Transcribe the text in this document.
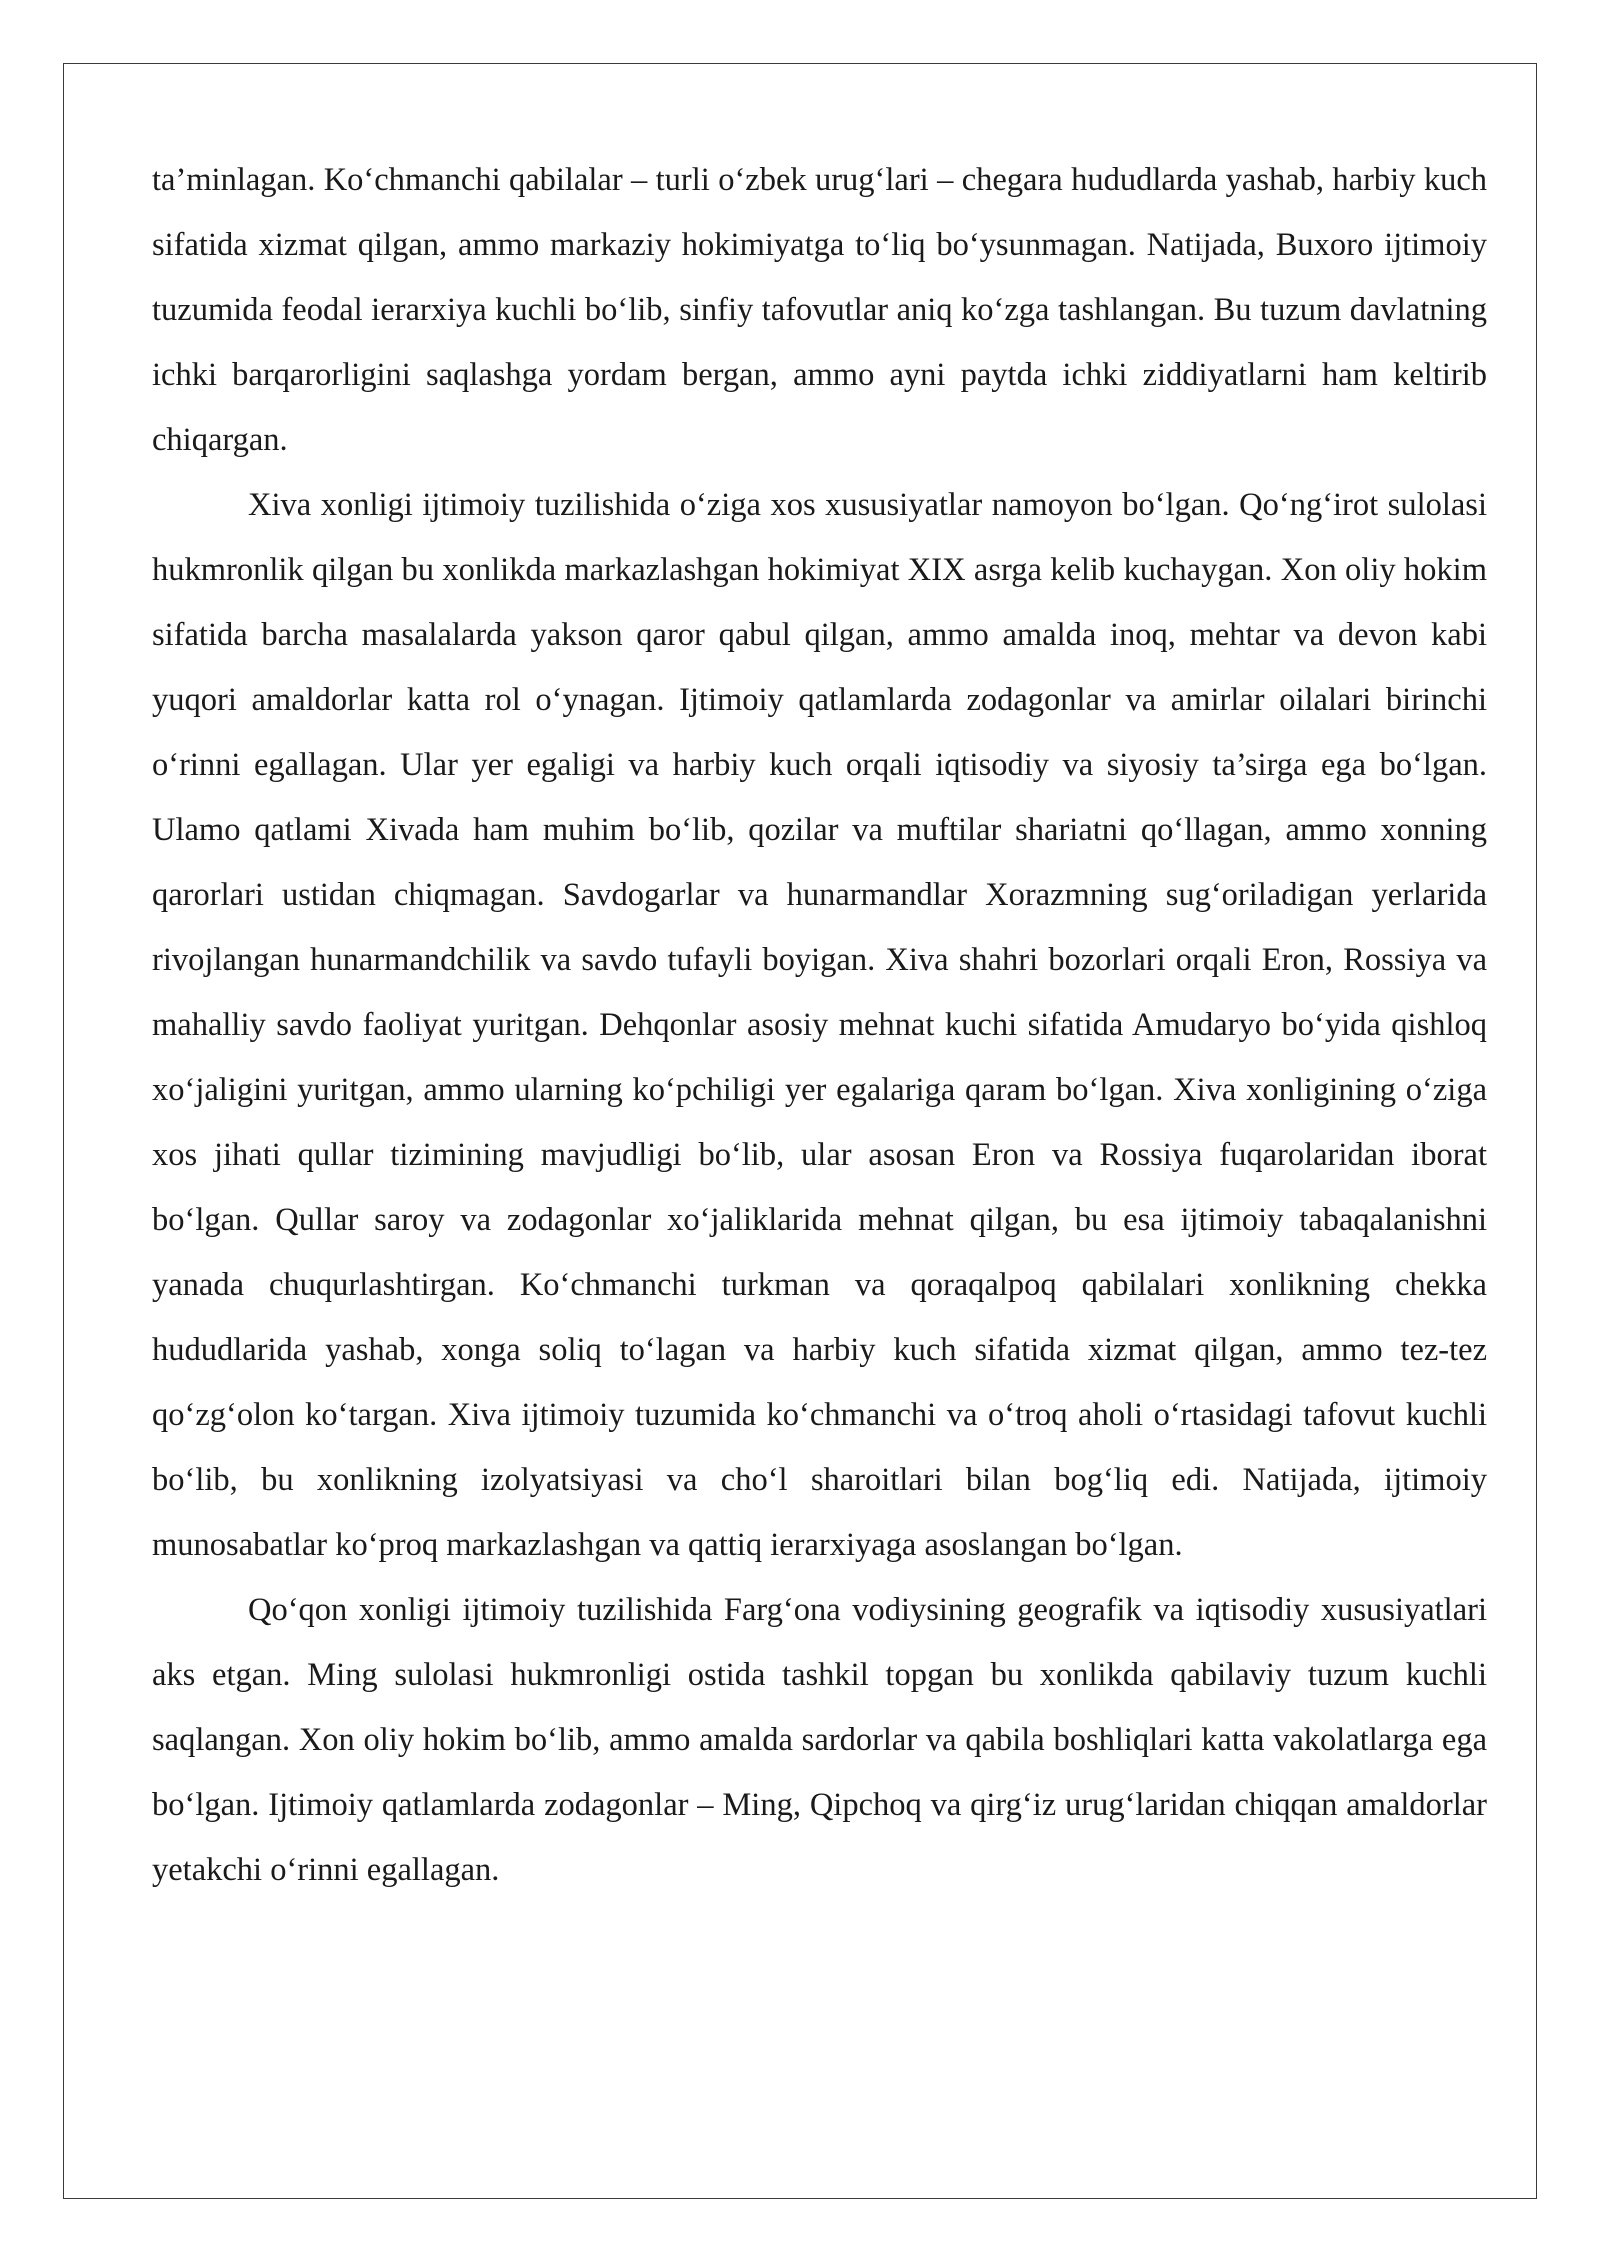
ta’minlagan. Ko‘chmanchi qabilalar – turli o‘zbek urug‘lari – chegara hududlarda yashab, harbiy kuch sifatida xizmat qilgan, ammo markaziy hokimiyatga to‘liq bo‘ysunmagan. Natijada, Buxoro ijtimoiy tuzumida feodal ierarxiya kuchli bo‘lib, sinfiy tafovutlar aniq ko‘zga tashlangan. Bu tuzum davlatning ichki barqarorligini saqlashga yordam bergan, ammo ayni paytda ichki ziddiyatlarni ham keltirib chiqargan.

Xiva xonligi ijtimoiy tuzilishida o‘ziga xos xususiyatlar namoyon bo‘lgan. Qo‘ng‘irot sulolasi hukmronlik qilgan bu xonlikda markazlashgan hokimiyat XIX asrga kelib kuchaygan. Xon oliy hokim sifatida barcha masalalarda yakson qaror qabul qilgan, ammo amalda inoq, mehtar va devon kabi yuqori amaldorlar katta rol o‘ynagan. Ijtimoiy qatlamlarda zodagonlar va amirlar oilalari birinchi o‘rinni egallagan. Ular yer egaligi va harbiy kuch orqali iqtisodiy va siyosiy ta’sirga ega bo‘lgan. Ulamo qatlami Xivada ham muhim bo‘lib, qozilar va muftilar shariatni qo‘llagan, ammo xonning qarorlari ustidan chiqmagan. Savdogarlar va hunarmandlar Xorazmning sug‘oriladigan yerlarida rivojlangan hunarmandchilik va savdo tufayli boyigan. Xiva shahri bozorlari orqali Eron, Rossiya va mahalliy savdo faoliyat yuritgan. Dehqonlar asosiy mehnat kuchi sifatida Amudaryo bo‘yida qishloq xo‘jaligini yuritgan, ammo ularning ko‘pchiligi yer egalariga qaram bo‘lgan. Xiva xonligining o‘ziga xos jihati qullar tizimining mavjudligi bo‘lib, ular asosan Eron va Rossiya fuqarolaridan iborat bo‘lgan. Qullar saroy va zodagonlar xo‘jaliklarida mehnat qilgan, bu esa ijtimoiy tabaqalanishni yanada chuqurlashtirgan. Ko‘chmanchi turkman va qoraqalpoq qabilalari xonlikning chekka hududlarida yashab, xonga soliq to‘lagan va harbiy kuch sifatida xizmat qilgan, ammo tez-tez qo‘zg‘olon ko‘targan. Xiva ijtimoiy tuzumida ko‘chmanchi va o‘troq aholi o‘rtasidagi tafovut kuchli bo‘lib, bu xonlikning izolyatsiyasi va cho‘l sharoitlari bilan bog‘liq edi. Natijada, ijtimoiy munosabatlar ko‘proq markazlashgan va qattiq ierarxiyaga asoslangan bo‘lgan.

Qo‘qon xonligi ijtimoiy tuzilishida Farg‘ona vodiysining geografik va iqtisodiy xususiyatlari aks etgan. Ming sulolasi hukmronligi ostida tashkil topgan bu xonlikda qabilaviy tuzum kuchli saqlangan. Xon oliy hokim bo‘lib, ammo amalda sardorlar va qabila boshliqlari katta vakolatlarga ega bo‘lgan. Ijtimoiy qatlamlarda zodagonlar – Ming, Qipchoq va qirg‘iz urug‘laridan chiqqan amaldorlar yetakchi o‘rinni egallagan.
